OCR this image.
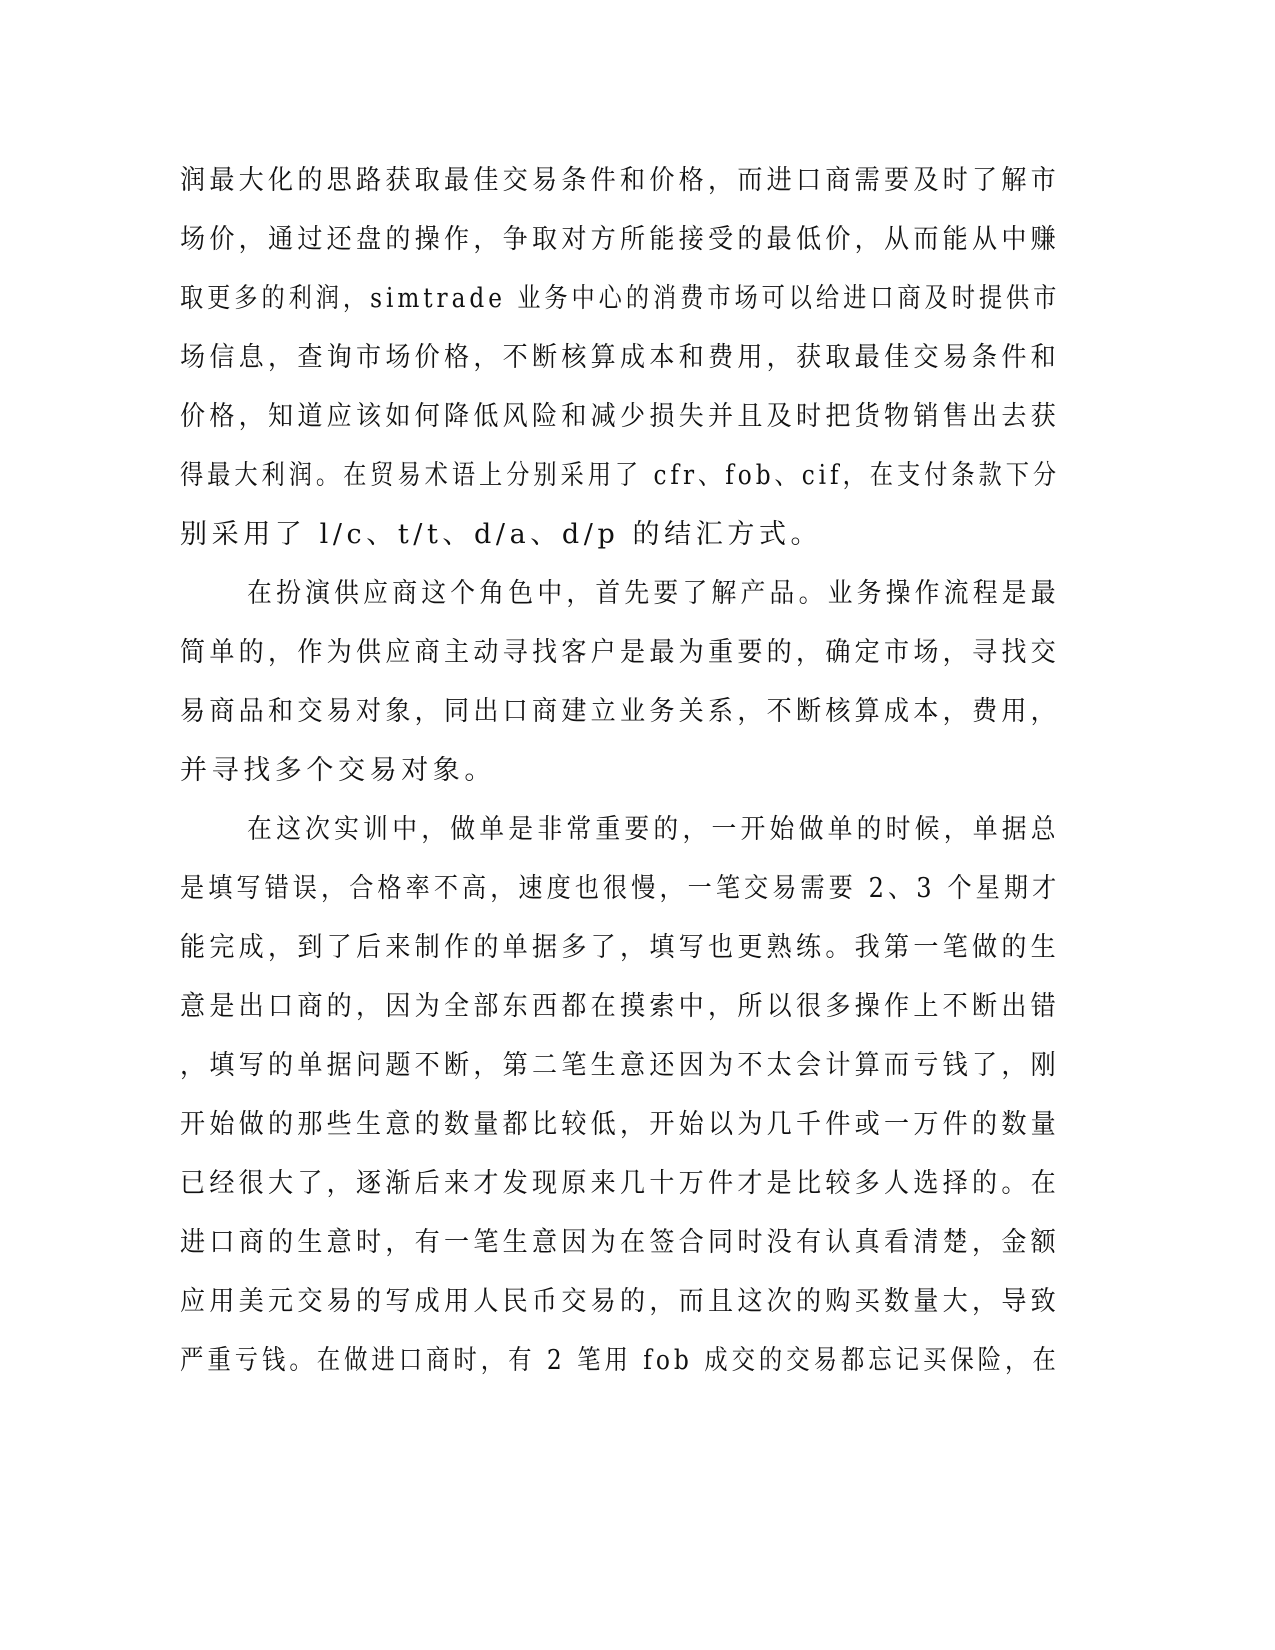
润最大化的思路获取最佳交易条件和价格，而进口商需要及时了解市
场价，通过还盘的操作，争取对方所能接受的最低价，从而能从中赚
取更多的利润，simtrade 业务中心的消费市场可以给进口商及时提供市
场信息，查询市场价格，不断核算成本和费用，获取最佳交易条件和
价格，知道应该如何降低风险和减少损失并且及时把货物销售出去获
得最大利润。在贸易术语上分别采用了 cfr、fob、cif，在支付条款下分
别采用了 l/c、t/t、d/a、d/p 的结汇方式。
在扮演供应商这个角色中，首先要了解产品。业务操作流程是最
简单的，作为供应商主动寻找客户是最为重要的，确定市场，寻找交
易商品和交易对象，同出口商建立业务关系，不断核算成本，费用，
并寻找多个交易对象。
在这次实训中，做单是非常重要的，一开始做单的时候，单据总
是填写错误，合格率不高，速度也很慢，一笔交易需要 2、3 个星期才
能完成，到了后来制作的单据多了，填写也更熟练。我第一笔做的生
意是出口商的，因为全部东西都在摸索中，所以很多操作上不断出错
，填写的单据问题不断，第二笔生意还因为不太会计算而亏钱了，刚
开始做的那些生意的数量都比较低，开始以为几千件或一万件的数量
已经很大了，逐渐后来才发现原来几十万件才是比较多人选择的。在
进口商的生意时，有一笔生意因为在签合同时没有认真看清楚，金额
应用美元交易的写成用人民币交易的，而且这次的购买数量大，导致
严重亏钱。在做进口商时，有 2 笔用 fob 成交的交易都忘记买保险，在
